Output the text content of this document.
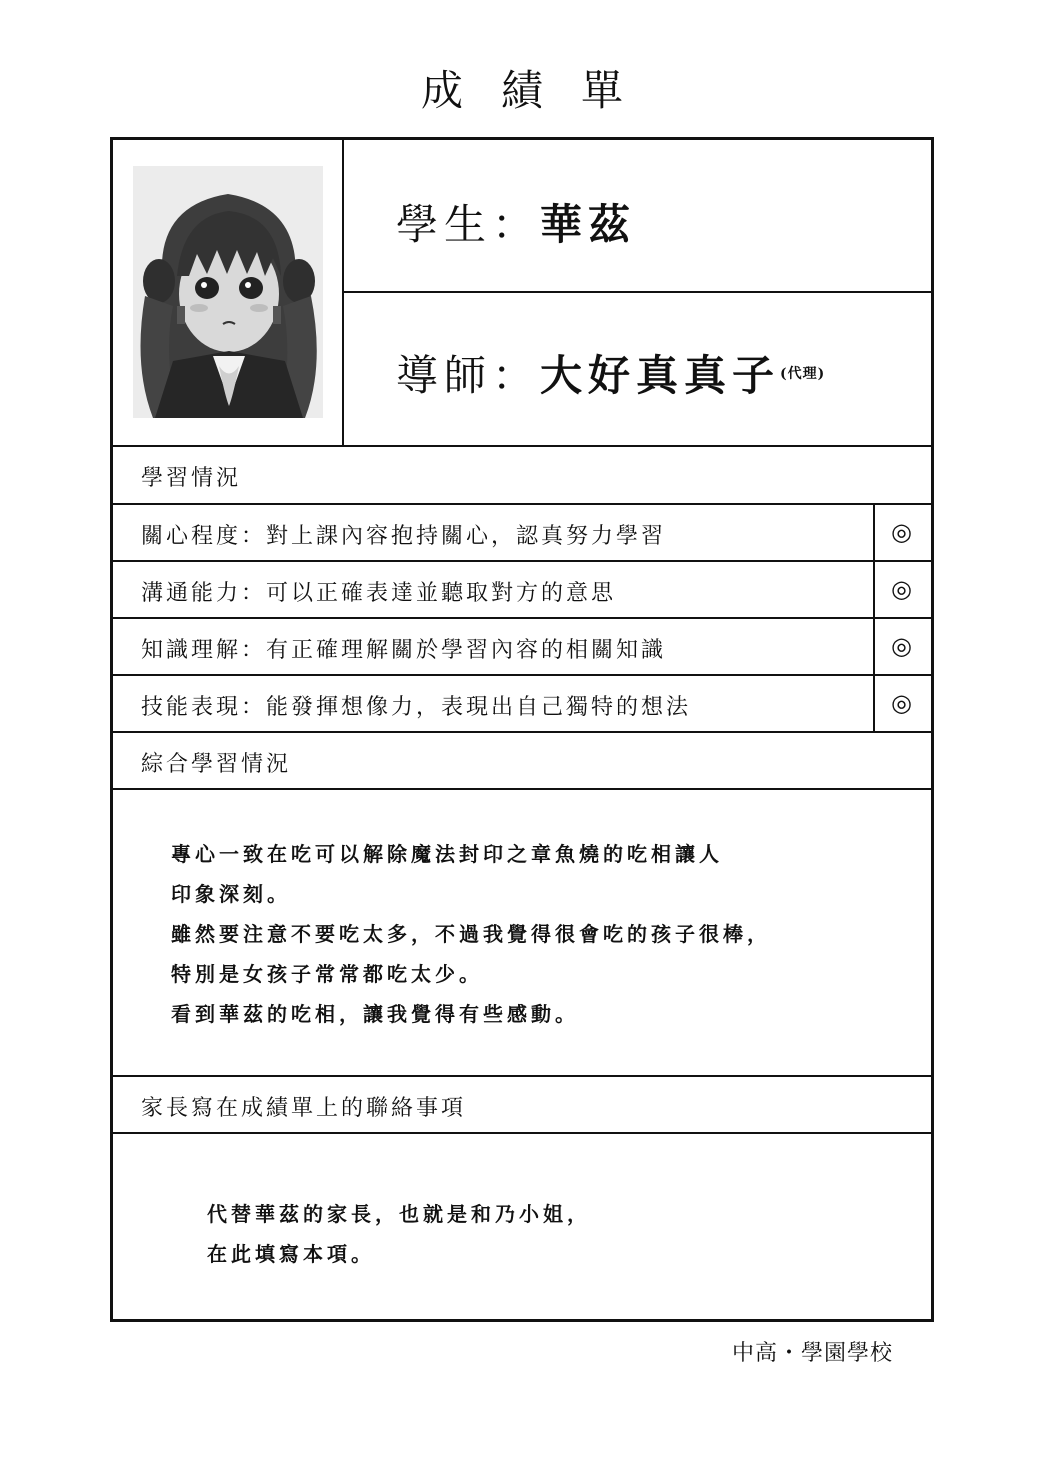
成績單
學生：華茲
導師：大好真真子$^{(代理)}$
學習情況
關心程度：對上課內容抱持關心，認真努力學習	◎
溝通能力：可以正確表達並聽取對方的意思	◎
知識理解：有正確理解關於學習內容的相關知識	◎
技能表現：能發揮想像力，表現出自己獨特的想法	◎
綜合學習情況
專心一致在吃可以解除魔法封印之章魚燒的吃相讓人
印象深刻。
雖然要注意不要吃太多，不過我覺得很會吃的孩子很棒，
特別是女孩子常常都吃太少。
看到華茲的吃相，讓我覺得有些感動。
家長寫在成績單上的聯絡事項
代替華茲的家長，也就是和乃小姐，
在此填寫本項。
中高・學園學校
